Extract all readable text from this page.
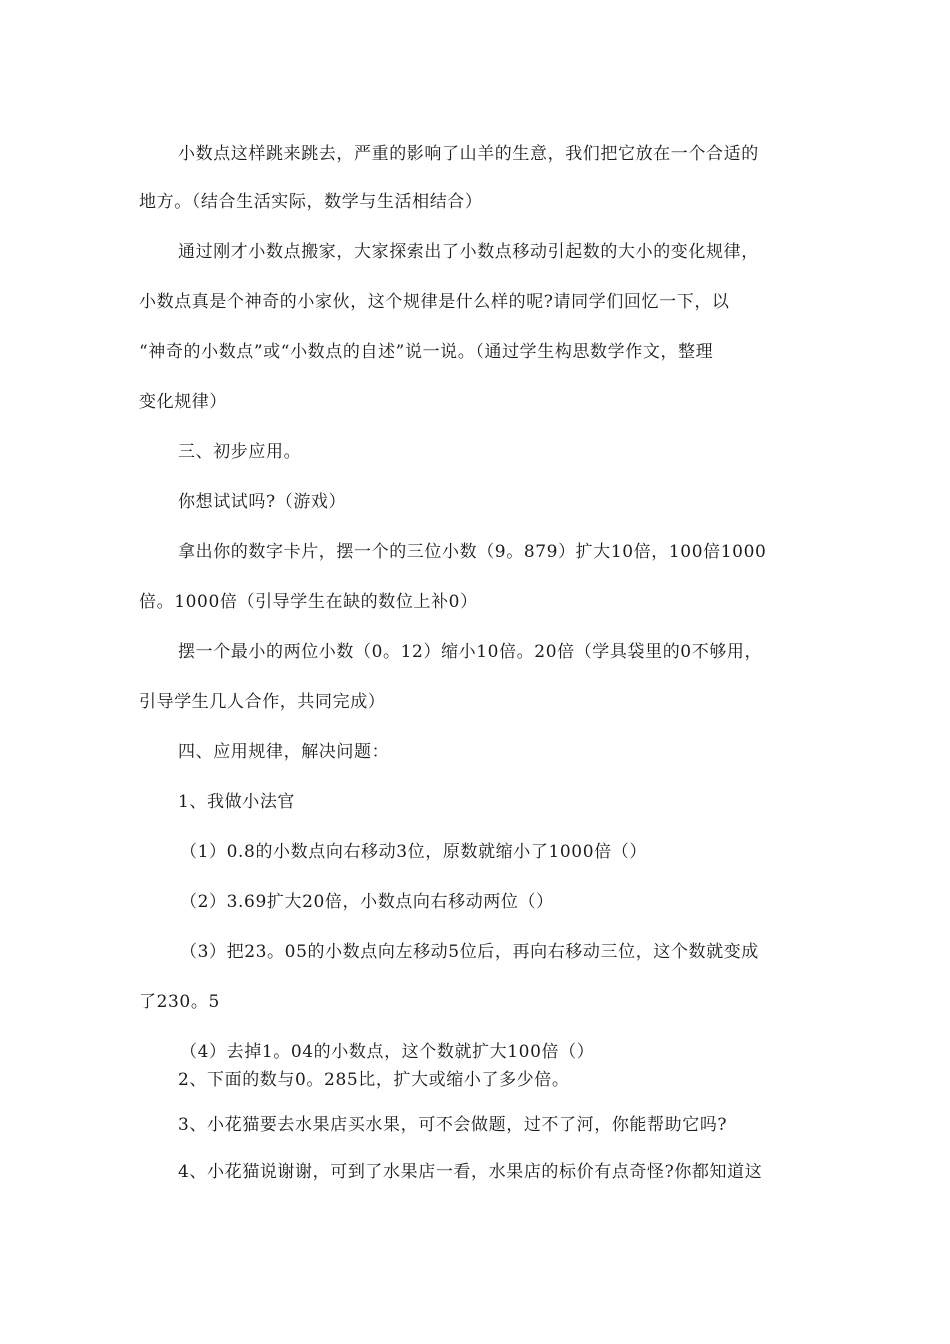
小数点这样跳来跳去，严重的影响了山羊的生意，我们把它放在一个合适的
地方。（结合生活实际，数学与生活相结合）
通过刚才小数点搬家，大家探索出了小数点移动引起数的大小的变化规律，
小数点真是个神奇的小家伙，这个规律是什么样的呢?请同学们回忆一下，以
“神奇的小数点”或“小数点的自述”说一说。（通过学生构思数学作文，整理
变化规律）
三、初步应用。
你想试试吗?（游戏）
拿出你的数字卡片，摆一个的三位小数（9。879）扩大10倍，100倍1000
倍。1000倍（引导学生在缺的数位上补0）
摆一个最小的两位小数（0。12）缩小10倍。20倍（学具袋里的0不够用，
引导学生几人合作，共同完成）
四、应用规律，解决问题：
1、我做小法官
（1）0.8的小数点向右移动3位，原数就缩小了1000倍（）
（2）3.69扩大20倍，小数点向右移动两位（）
（3）把23。05的小数点向左移动5位后，再向右移动三位，这个数就变成
了230。5
（4）去掉1。04的小数点，这个数就扩大100倍（）
2、下面的数与0。285比，扩大或缩小了多少倍。
3、小花猫要去水果店买水果，可不会做题，过不了河，你能帮助它吗?
4、小花猫说谢谢，可到了水果店一看，水果店的标价有点奇怪?你都知道这
